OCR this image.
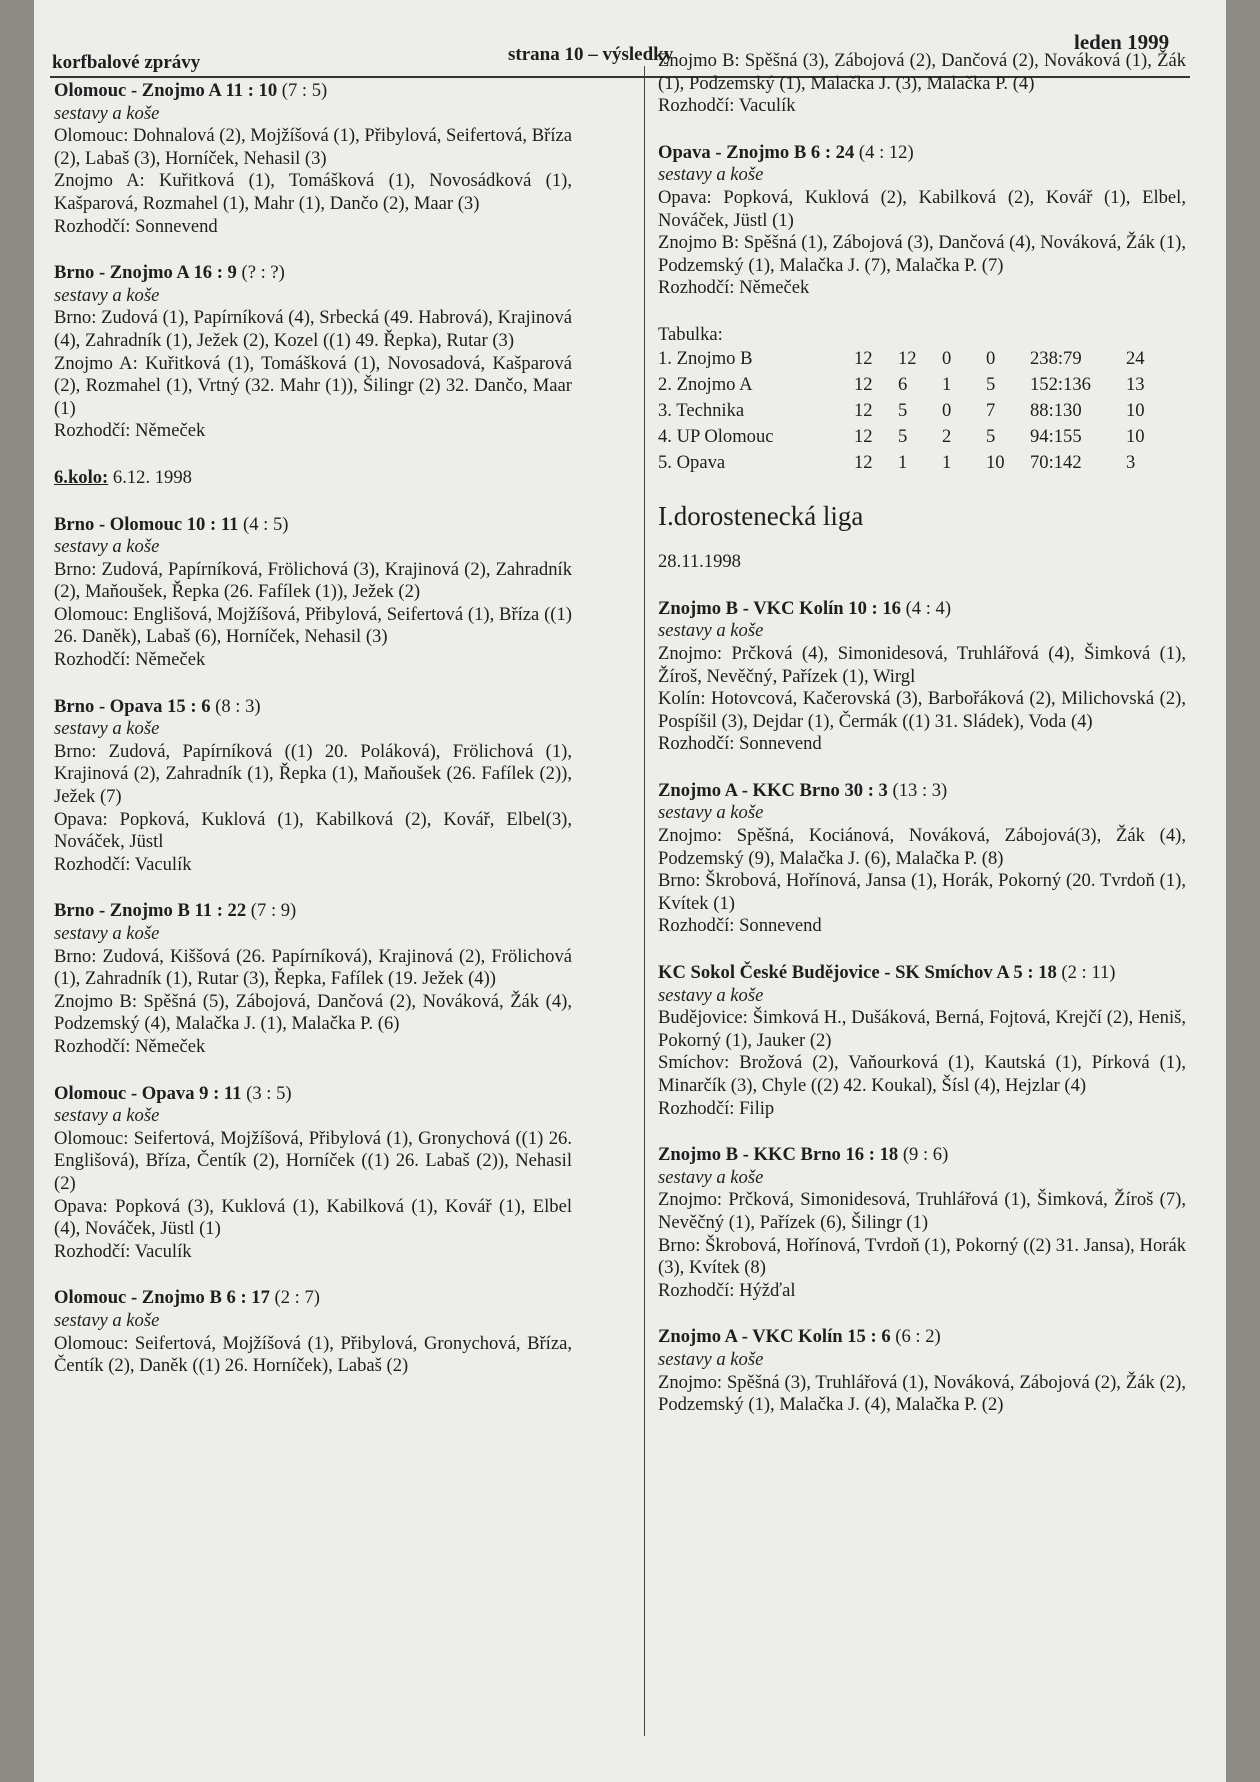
korfbalové zprávy	strana 10 – výsledky
leden 1999
Olomouc - Znojmo A 11 : 10 (7 : 5)
sestavy a koše
Olomouc: Dohnalová (2), Mojžíšová (1), Přibylová, Seifertová, Bříza (2), Labaš (3), Horníček, Nehasil (3)
Znojmo A: Kuřitková (1), Tomášková (1), Novosádková (1), Kašparová, Rozmahel (1), Mahr (1), Dančo (2), Maar (3)
Rozhodčí: Sonnevend
Brno - Znojmo A 16 : 9 (? : ?)
sestavy a koše
Brno: Zudová (1), Papírníková (4), Srbecká (49. Habrová), Krajinová (4), Zahradník (1), Ježek (2), Kozel ((1) 49. Řepka), Rutar (3)
Znojmo A: Kuřitková (1), Tomášková (1), Novosadová, Kašparová (2), Rozmahel (1), Vrtný (32. Mahr (1)), Šilingr (2) 32. Dančo, Maar (1)
Rozhodčí: Němeček
6.kolo: 6.12. 1998
Brno - Olomouc 10 : 11 (4 : 5)
sestavy a koše
Brno: Zudová, Papírníková, Frölichová (3), Krajinová (2), Zahradník (2), Maňoušek, Řepka (26. Fafílek (1)), Ježek (2)
Olomouc: Englišová, Mojžíšová, Přibylová, Seifertová (1), Bříza ((1) 26. Daněk), Labaš (6), Horníček, Nehasil (3)
Rozhodčí: Němeček
Brno - Opava 15 : 6 (8 : 3)
sestavy a koše
Brno: Zudová, Papírníková ((1) 20. Poláková), Frölichová (1), Krajinová (2), Zahradník (1), Řepka (1), Maňoušek (26. Fafílek (2)), Ježek (7)
Opava: Popková, Kuklová (1), Kabilková (2), Kovář, Elbel(3), Nováček, Jüstl
Rozhodčí: Vaculík
Brno - Znojmo B 11 : 22 (7 : 9)
sestavy a koše
Brno: Zudová, Kiššová (26. Papírníková), Krajinová (2), Frölichová (1), Zahradník (1), Rutar (3), Řepka, Fafílek (19. Ježek (4))
Znojmo B: Spěšná (5), Zábojová, Dančová (2), Nováková, Žák (4), Podzemský (4), Malačka J. (1), Malačka P. (6)
Rozhodčí: Němeček
Olomouc - Opava 9 : 11 (3 : 5)
sestavy a koše
Olomouc: Seifertová, Mojžíšová, Přibylová (1), Gronychová ((1) 26. Englišová), Bříza, Čentík (2), Horníček ((1) 26. Labaš (2)), Nehasil (2)
Opava: Popková (3), Kuklová (1), Kabilková (1), Kovář (1), Elbel (4), Nováček, Jüstl (1)
Rozhodčí: Vaculík
Olomouc - Znojmo B 6 : 17 (2 : 7)
sestavy a koše
Olomouc: Seifertová, Mojžíšová (1), Přibylová, Gronychová, Bříza, Čentík (2), Daněk ((1) 26. Horníček), Labaš (2)
Znojmo B: Spěšná (3), Zábojová (2), Dančová (2), Nováková (1), Žák (1), Podzemský (1), Malačka J. (3), Malačka P. (4)
Rozhodčí: Vaculík
Opava - Znojmo B 6 : 24 (4 : 12)
sestavy a koše
Opava: Popková, Kuklová (2), Kabilková (2), Kovář (1), Elbel, Nováček, Jüstl (1)
Znojmo B: Spěšná (1), Zábojová (3), Dančová (4), Nováková, Žák (1), Podzemský (1), Malačka J. (7), Malačka P. (7)
Rozhodčí: Němeček
Tabulka:
1. Znojmo B	12	12	0	0	238:79	24
2. Znojmo A	12	6	1	5	152:136	13
3. Technika	12	5	0	7	88:130	10
4. UP Olomouc	12	5	2	5	94:155	10
5. Opava	12	1	1	10	70:142	3
I.dorostenecká liga
28.11.1998
Znojmo B - VKC Kolín 10 : 16 (4 : 4)
sestavy a koše
Znojmo: Prčková (4), Simonidesová, Truhlářová (4), Šimková (1), Žíroš, Nevěčný, Pařízek (1), Wirgl
Kolín: Hotovcová, Kačerovská (3), Barbořáková (2), Milichovská (2), Pospíšil (3), Dejdar (1), Čermák ((1) 31. Sládek), Voda (4)
Rozhodčí: Sonnevend
Znojmo A - KKC Brno 30 : 3 (13 : 3)
sestavy a koše
Znojmo: Spěšná, Kociánová, Nováková, Zábojová(3), Žák (4), Podzemský (9), Malačka J. (6), Malačka P. (8)
Brno: Škrobová, Hořínová, Jansa (1), Horák, Pokorný (20. Tvrdoň (1), Kvítek (1)
Rozhodčí: Sonnevend
KC Sokol České Budějovice - SK Smíchov A 5 : 18 (2 : 11)
sestavy a koše
Budějovice: Šimková H., Dušáková, Berná, Fojtová, Krejčí (2), Heniš, Pokorný (1), Jauker (2)
Smíchov: Brožová (2), Vaňourková (1), Kautská (1), Pírková (1), Minarčík (3), Chyle ((2) 42. Koukal), Šísl (4), Hejzlar (4)
Rozhodčí: Filip
Znojmo B - KKC Brno 16 : 18 (9 : 6)
sestavy a koše
Znojmo: Prčková, Simonidesová, Truhlářová (1), Šimková, Žíroš (7), Nevěčný (1), Pařízek (6), Šilingr (1)
Brno: Škrobová, Hořínová, Tvrdoň (1), Pokorný ((2) 31. Jansa), Horák (3), Kvítek (8)
Rozhodčí: Hýžďal
Znojmo A - VKC Kolín 15 : 6 (6 : 2)
sestavy a koše
Znojmo: Spěšná (3), Truhlářová (1), Nováková, Zábojová (2), Žák (2), Podzemský (1), Malačka J. (4), Malačka P. (2)
